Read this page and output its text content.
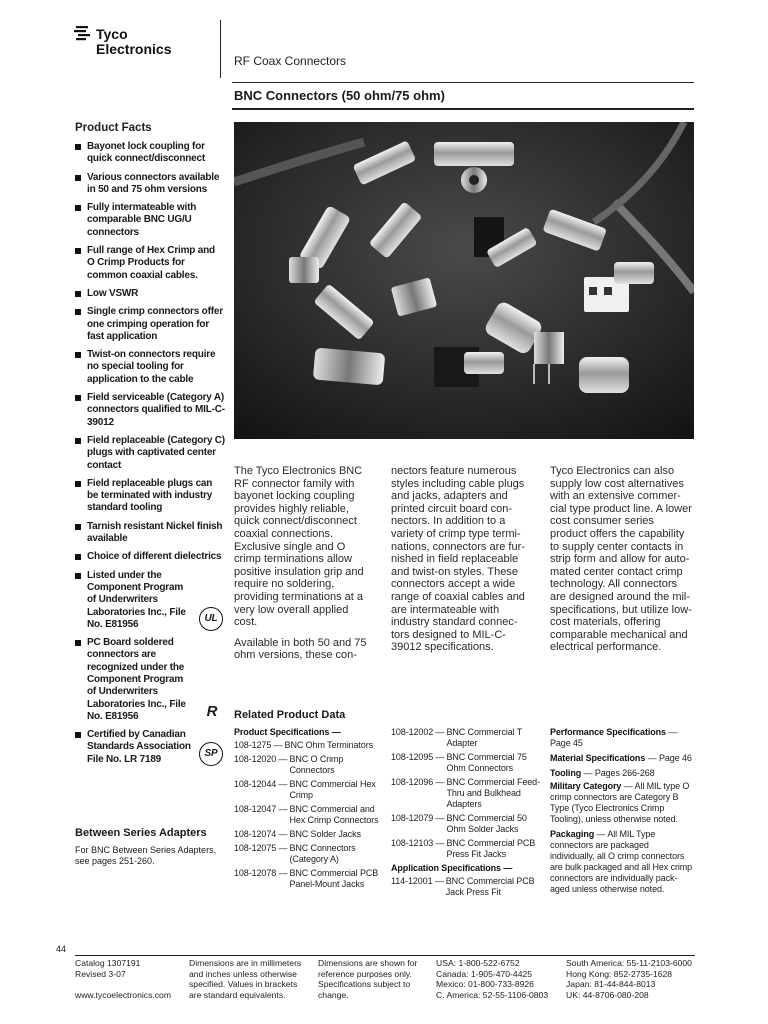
Tyco
Electronics
RF Coax Connectors
BNC Connectors (50 ohm/75 ohm)
Product Facts
Bayonet lock coupling for quick connect/disconnect
Various connectors available in 50 and 75 ohm versions
Fully intermateable with comparable BNC UG/U connectors
Full range of Hex Crimp and O Crimp Products for common coaxial cables.
Low VSWR
Single crimp connectors offer one crimping operation for fast application
Twist-on connectors require no special tooling for application to the cable
Field serviceable (Category A) connectors qualified to MIL-C-39012
Field replaceable (Category C) plugs with captivated center contact
Field replaceable plugs can be terminated with industry standard tooling
Tarnish resistant Nickel finish available
Choice of different dielectrics
Listed under the Component Program of Underwriters Laboratories Inc., File No. E81956
UL
PC Board soldered connectors are recognized under the Component Program of Underwriters Laboratories Inc., File No. E81956	R
Certified by Canadian Standards Association File No. LR 7189
SP

The Tyco Electronics BNC RF connector family with bayonet locking coupling provides highly reliable, quick connect/disconnect coaxial connections. Exclusive single and O crimp terminations allow positive insulation grip and require no soldering, providing terminations at a very low overall applied cost.

Available in both 50 and 75 ohm versions, these con-

nectors feature numerous styles including cable plugs and jacks, adapters and printed circuit board con-nectors. In addition to a variety of crimp type termi-nations, connectors are fur-nished in field replaceable and twist-on styles. These connectors accept a wide range of coaxial cables and are intermateable with industry standard connec-tors designed to MIL-C-39012 specifications.

Tyco Electronics can also supply low cost alternatives with an extensive commer-cial type product line. A lower cost consumer series product offers the capability to supply center contacts in strip form and allow for auto-mated center contact crimp technology. All connectors are designed around the mil-specifications, but utilize low-cost materials, offering comparable mechanical and electrical performance.

Related Product Data
Product Specifications —
108-1275 — BNC Ohm Terminators
108-12020 — BNC O Crimp Connectors
108-12044 — BNC Commercial Hex Crimp
108-12047 — BNC Commercial and Hex Crimp Connectors
108-12074 — BNC Solder Jacks
108-12075 — BNC Connectors (Category A)
108-12078 — BNC Commercial PCB Panel-Mount Jacks
108-12002 — BNC Commercial T Adapter
108-12095 — BNC Commercial 75 Ohm Connectors
108-12096 — BNC Commercial Feed-Thru and Bulkhead Adapters
108-12079 — BNC Commercial 50 Ohm Solder Jacks
108-12103 — BNC Commercial PCB Press Fit Jacks
Application Specifications —
114-12001 — BNC Commercial PCB Jack Press Fit
Performance Specifications — Page 45
Material Specifications — Page 46
Tooling — Pages 266-268
Military Category — All MIL type O crimp connectors are Category B Type (Tyco Electronics Crimp Tooling), unless otherwise noted.
Packaging — All MIL Type connectors are packaged individually, all O crimp connectors are bulk packaged and all Hex crimp connectors are individually pack-aged unless otherwise noted.
Between Series Adapters
For BNC Between Series Adapters, see pages 251-260.
44
Catalog 1307191
Revised 3-07
www.tycoelectronics.com
Dimensions are in millimeters and inches unless otherwise specified. Values in brackets are standard equivalents.
Dimensions are shown for reference purposes only. Specifications subject to change.
USA: 1-800-522-6752
Canada: 1-905-470-4425
Mexico: 01-800-733-8926
C. America: 52-55-1106-0803
South America: 55-11-2103-6000
Hong Kong: 852-2735-1628
Japan: 81-44-844-8013
UK: 44-8706-080-208
